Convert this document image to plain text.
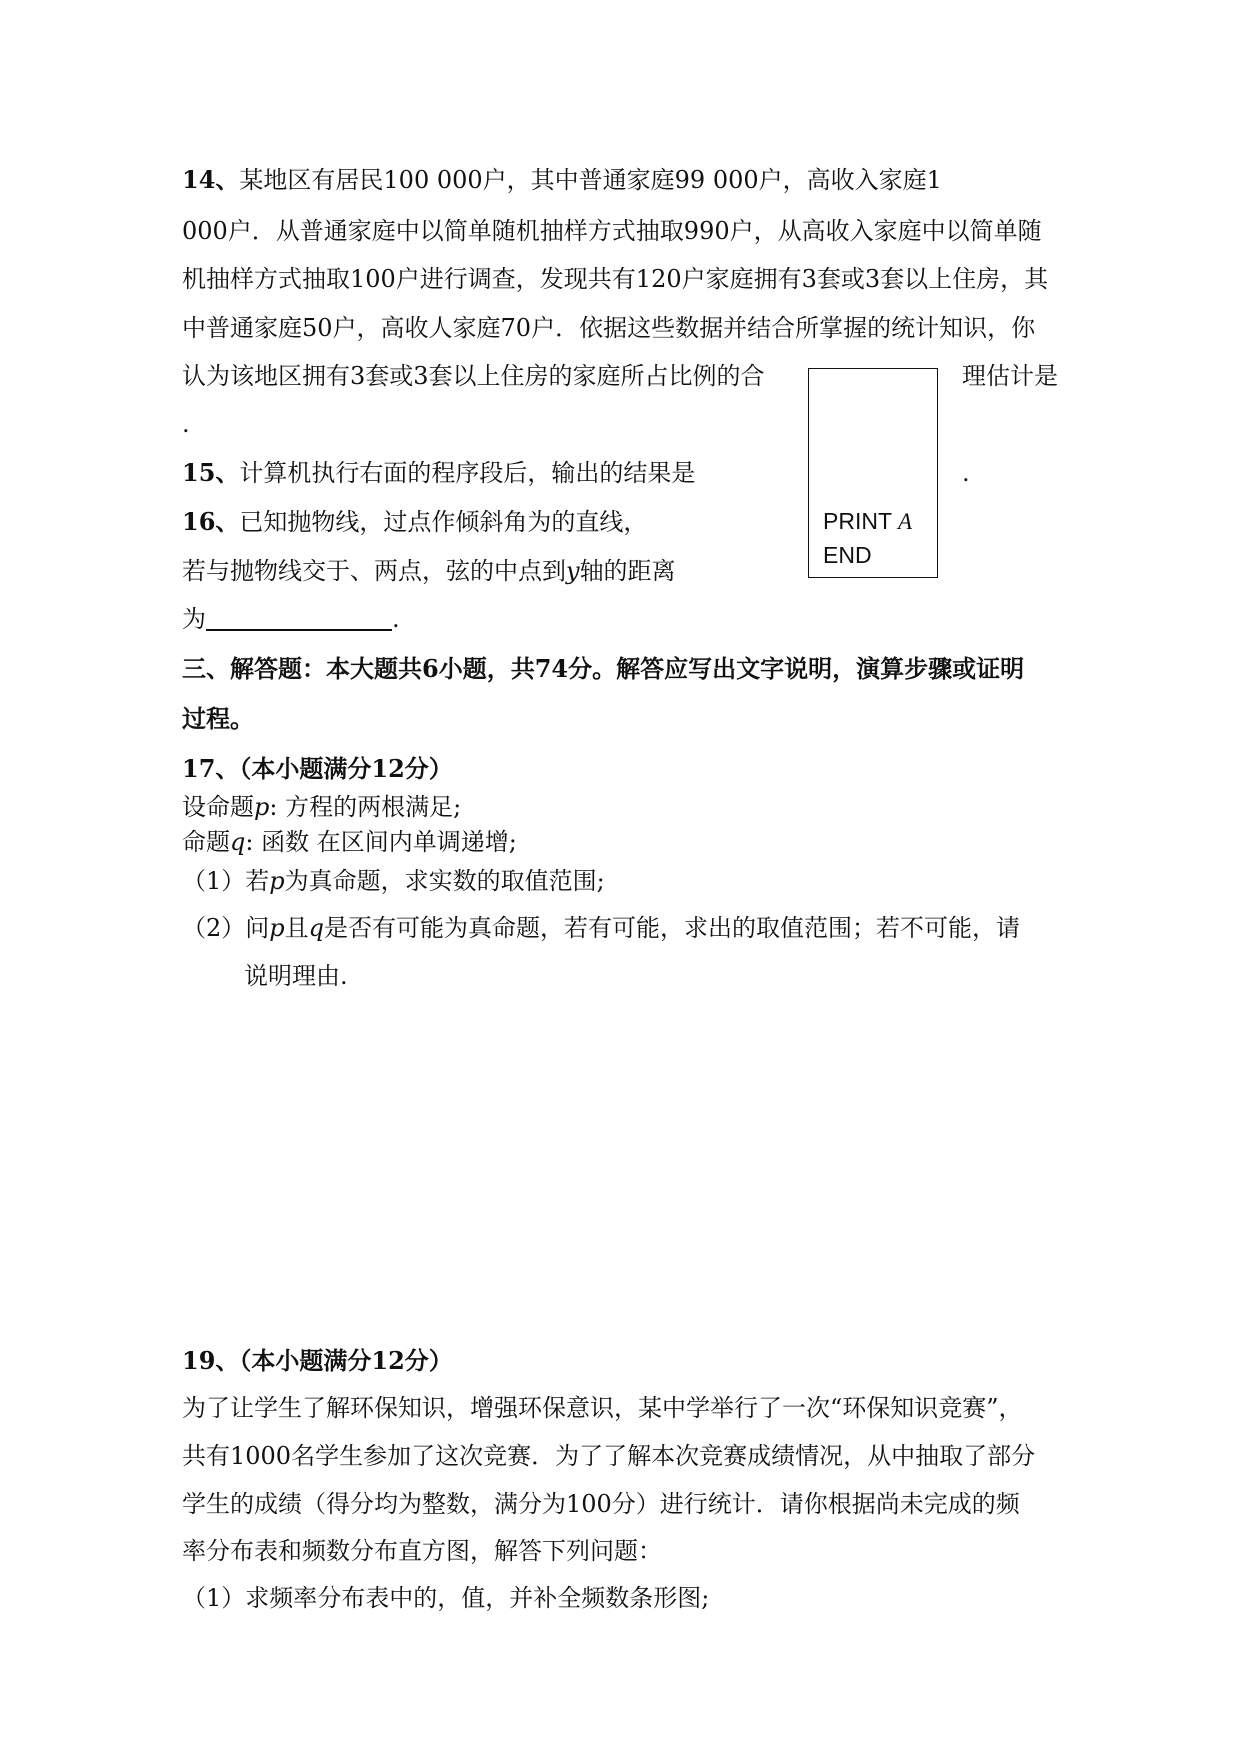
14、某地区有居民100 000户，其中普通家庭99 000户，高收入家庭1
000户．从普通家庭中以简单随机抽样方式抽取990户，从高收入家庭中以简单随
机抽样方式抽取100户进行调查，发现共有120户家庭拥有3套或3套以上住房，其
中普通家庭50户，高收人家庭70户．依据这些数据并结合所掌握的统计知识，你
认为该地区拥有3套或3套以上住房的家庭所占比例的合	理估计是
.
PRINT A
END
15、计算机执行右面的程序段后，输出的结果是	.
16、已知抛物线，过点作倾斜角为的直线，
若与抛物线交于、两点，弦的中点到y轴的距离
为	.
三、解答题：本大题共6小题，共74分。解答应写出文字说明，演算步骤或证明
过程。
17、（本小题满分12分）
设命题p: 方程的两根满足;
命题q: 函数 在区间内单调递增;
（1）若p为真命题，求实数的取值范围;
（2）问p且q是否有可能为真命题，若有可能，求出的取值范围；若不可能，请
说明理由.
19、（本小题满分12分）
为了让学生了解环保知识，增强环保意识，某中学举行了一次“环保知识竞赛”，
共有1000名学生参加了这次竞赛．为了了解本次竞赛成绩情况，从中抽取了部分
学生的成绩（得分均为整数，满分为100分）进行统计．请你根据尚未完成的频
率分布表和频数分布直方图，解答下列问题：
（1）求频率分布表中的，值，并补全频数条形图;
